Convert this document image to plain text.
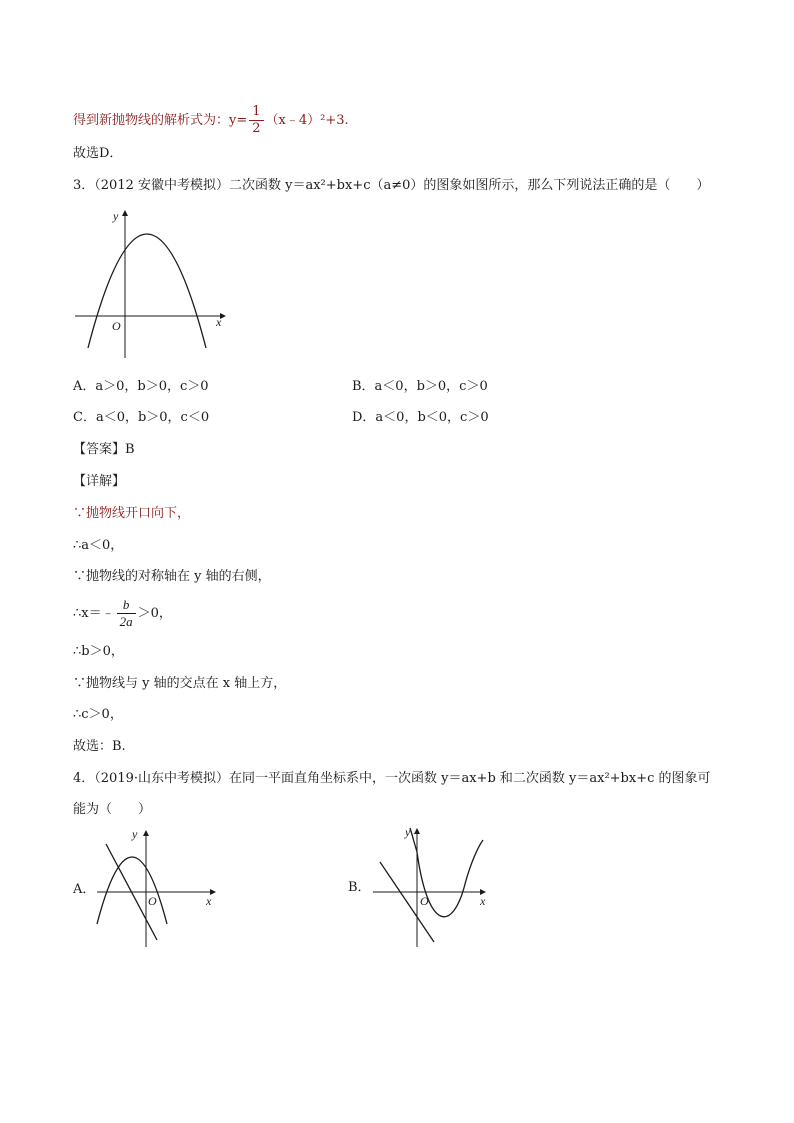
得到新抛物线的解析式为：$y= \frac{1}{2}$ （x﹣4）²+3.
故选D．
3．（2012 安徽中考模拟）二次函数 y＝ax²+bx+c（a≠0）的图象如图所示，那么下列说法正确的是（　　）
y
x
O
A．a＞0，b＞0，c＞0	B．a＜0，b＞0，c＞0
C．a＜0，b＞0，c＜0	D．a＜0，b＜0，c＞0
【答案】B
【详解】
∵抛物线开口向下，
∴a＜0，
∵抛物线的对称轴在 y 轴的右侧，
∴x＝﹣ $\frac{b}{2a} >0$，
∴b＞0，
∵抛物线与 y 轴的交点在 x 轴上方，
∴c＞0，
故选：B.
4．（2019·山东中考模拟）在同一平面直角坐标系中，一次函数 y＝ax+b 和二次函数 y＝ax²+bx+c 的图象可
能为（　　）
A．
y
x
O
B．
y
x
O
